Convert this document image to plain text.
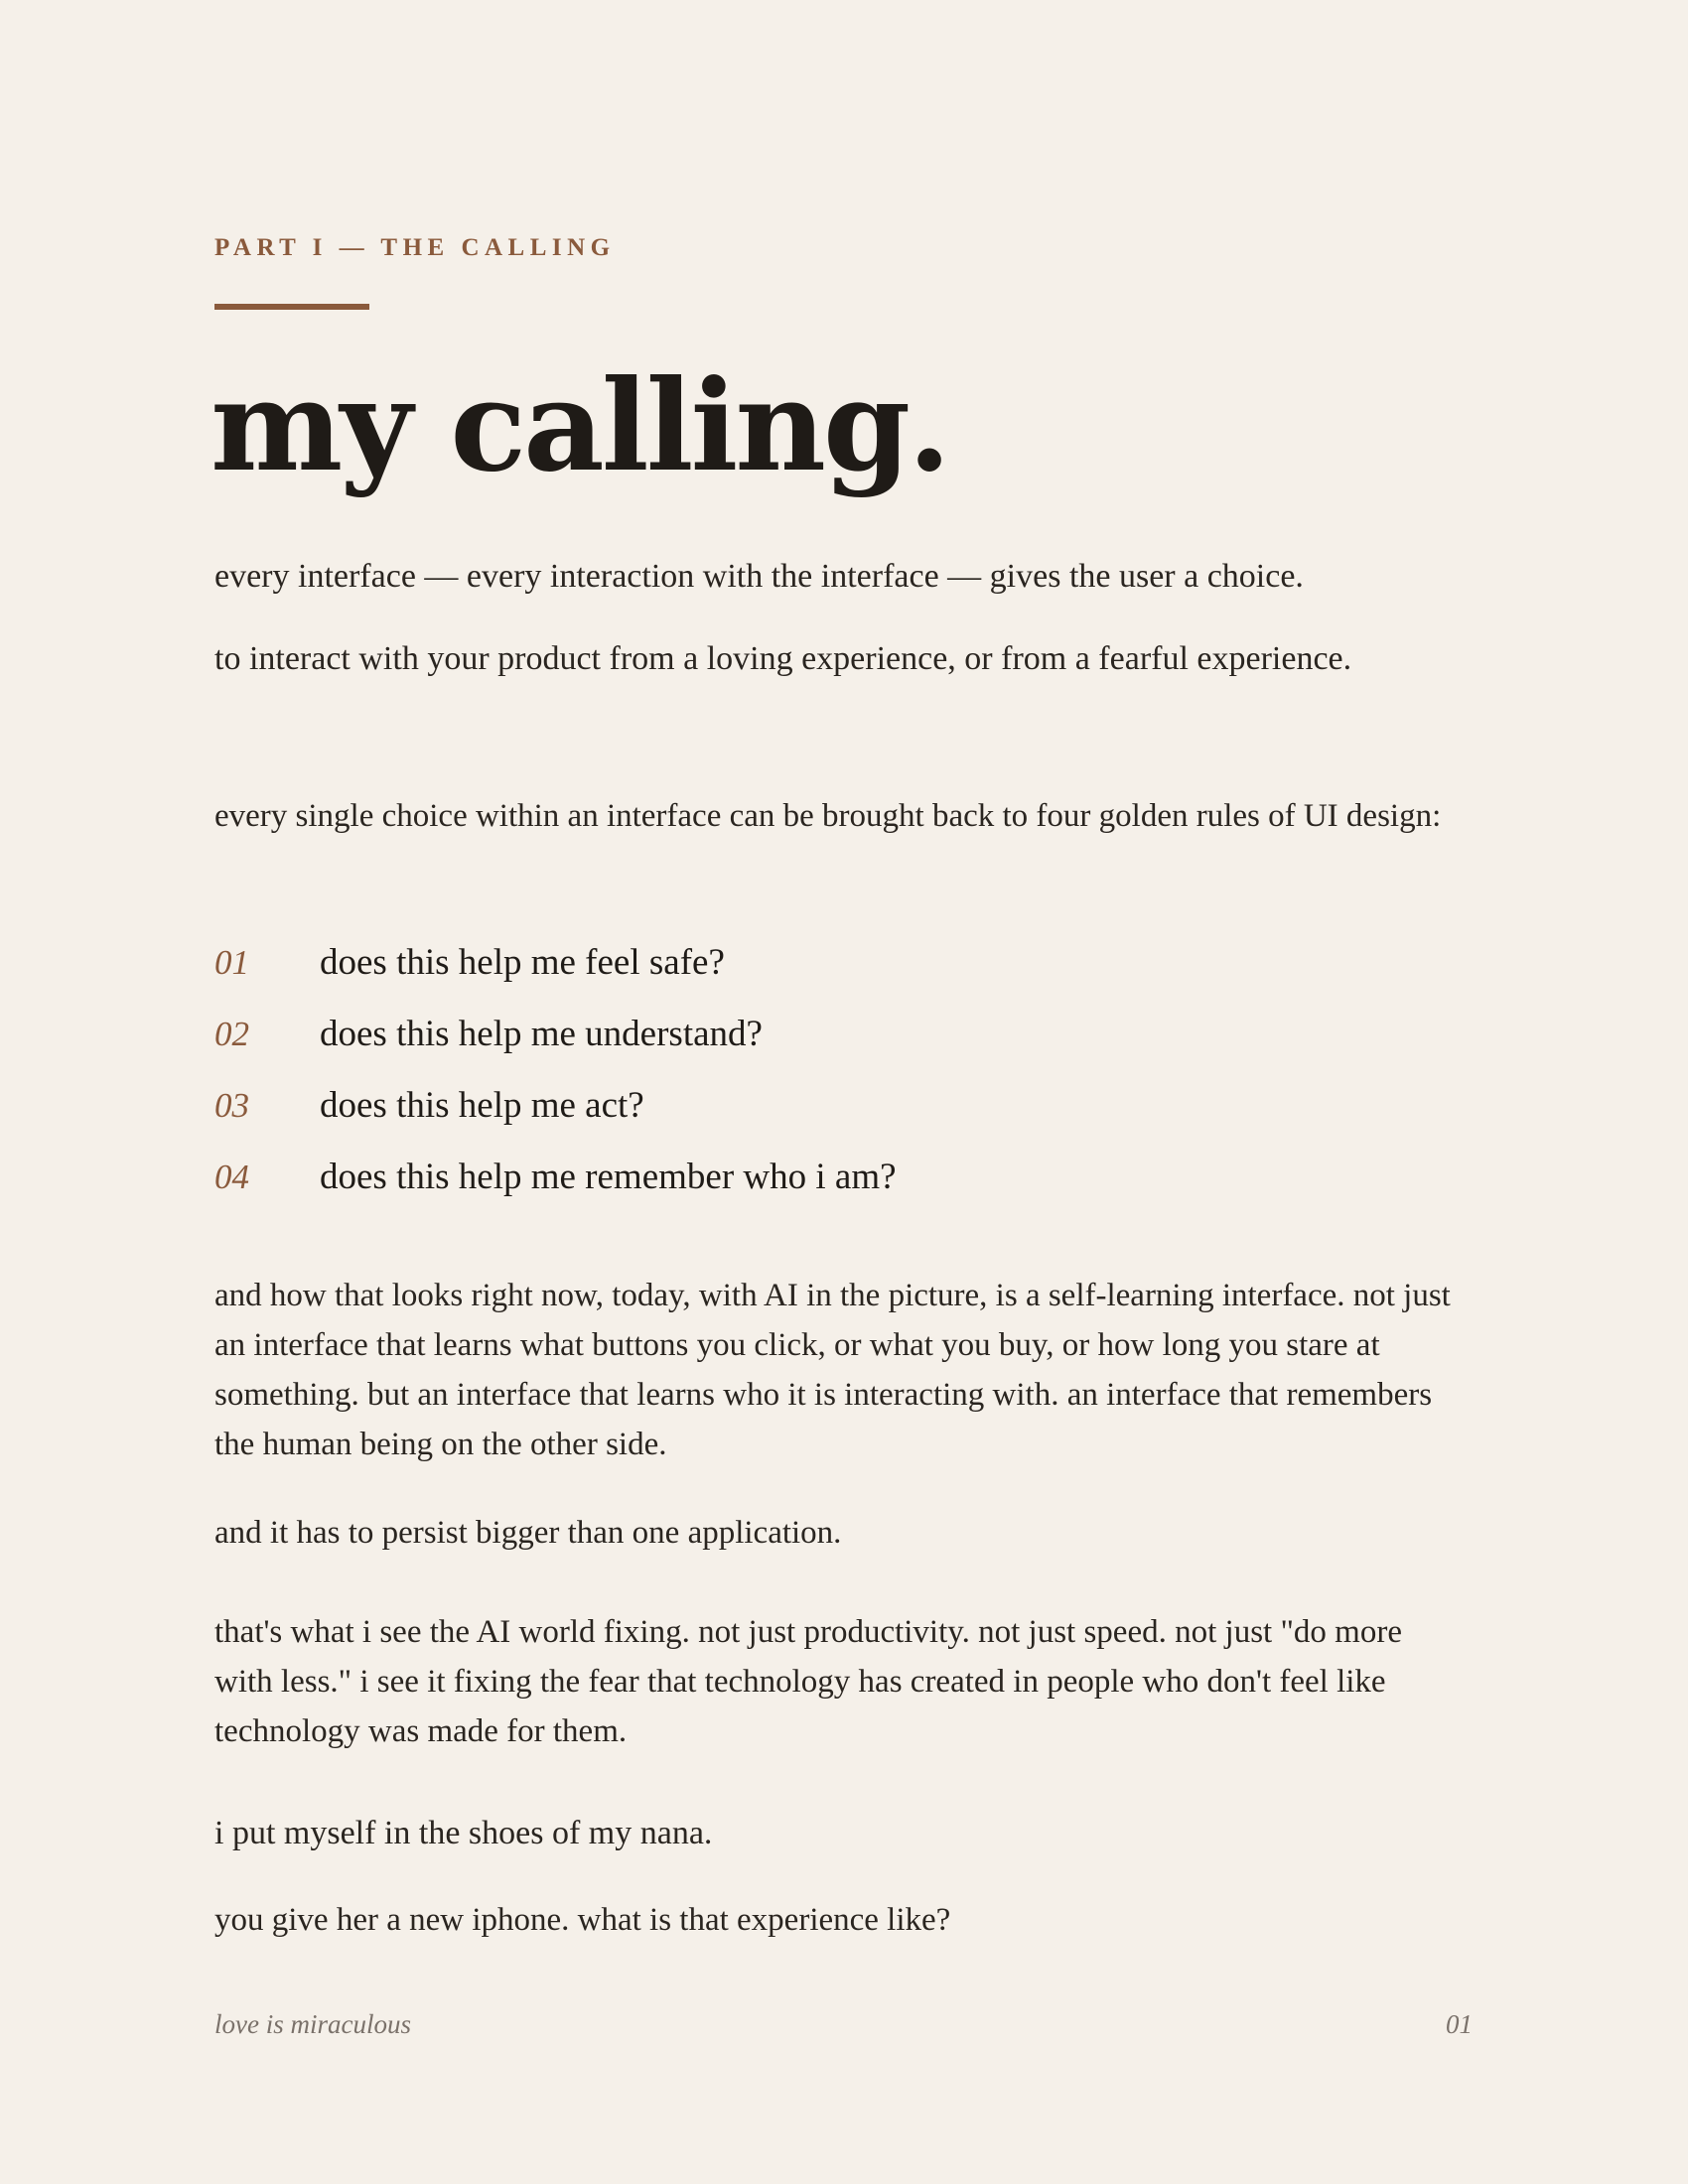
PART I — THE CALLING
my calling.
every interface — every interaction with the interface — gives the user a choice.
to interact with your product from a loving experience, or from a fearful experience.
every single choice within an interface can be brought back to four golden rules of UI design:
01 does this help me feel safe?
02 does this help me understand?
03 does this help me act?
04 does this help me remember who i am?
and how that looks right now, today, with AI in the picture, is a self-learning interface. not just an interface that learns what buttons you click, or what you buy, or how long you stare at something. but an interface that learns who it is interacting with. an interface that remembers the human being on the other side.
and it has to persist bigger than one application.
that's what i see the AI world fixing. not just productivity. not just speed. not just "do more with less." i see it fixing the fear that technology has created in people who don't feel like technology was made for them.
i put myself in the shoes of my nana.
you give her a new iphone. what is that experience like?
love is miraculous	01
